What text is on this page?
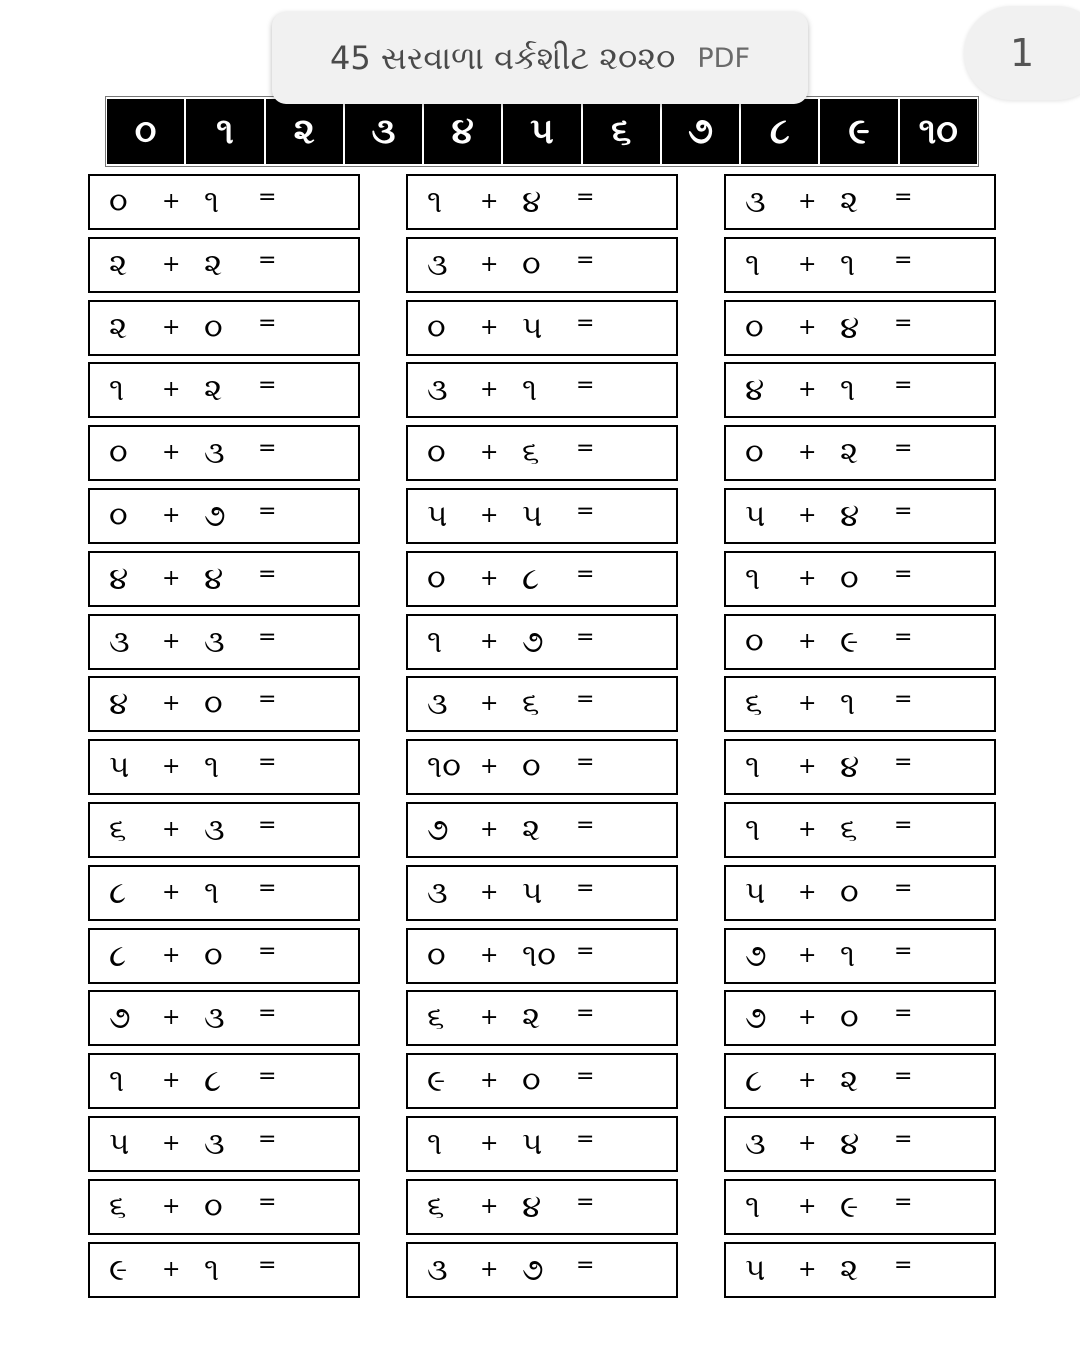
45 સરવાળા વર્કશીટ ૨૦૨૦ PDF	1
૦	૧	૨	૩	૪	૫	૬	૭	૮	૯	૧૦
૦ + ૧ =	૧ + ૪ =	૩ + ૨ =
૨ + ૨ =	૩ + ૦ =	૧ + ૧ =
૨ + ૦ =	૦ + ૫ =	૦ + ૪ =
૧ + ૨ =	૩ + ૧ =	૪ + ૧ =
૦ + ૩ =	૦ + ૬ =	૦ + ૨ =
૦ + ૭ =	૫ + ૫ =	૫ + ૪ =
૪ + ૪ =	૦ + ૮ =	૧ + ૦ =
૩ + ૩ =	૧ + ૭ =	૦ + ૯ =
૪ + ૦ =	૩ + ૬ =	૬ + ૧ =
૫ + ૧ =	૧૦ + ૦ =	૧ + ૪ =
૬ + ૩ =	૭ + ૨ =	૧ + ૬ =
૮ + ૧ =	૩ + ૫ =	૫ + ૦ =
૮ + ૦ =	૦ + ૧૦ =	૭ + ૧ =
૭ + ૩ =	૬ + ૨ =	૭ + ૦ =
૧ + ૮ =	૯ + ૦ =	૮ + ૨ =
૫ + ૩ =	૧ + ૫ =	૩ + ૪ =
૬ + ૦ =	૬ + ૪ =	૧ + ૯ =
૯ + ૧ =	૩ + ૭ =	૫ + ૨ =
